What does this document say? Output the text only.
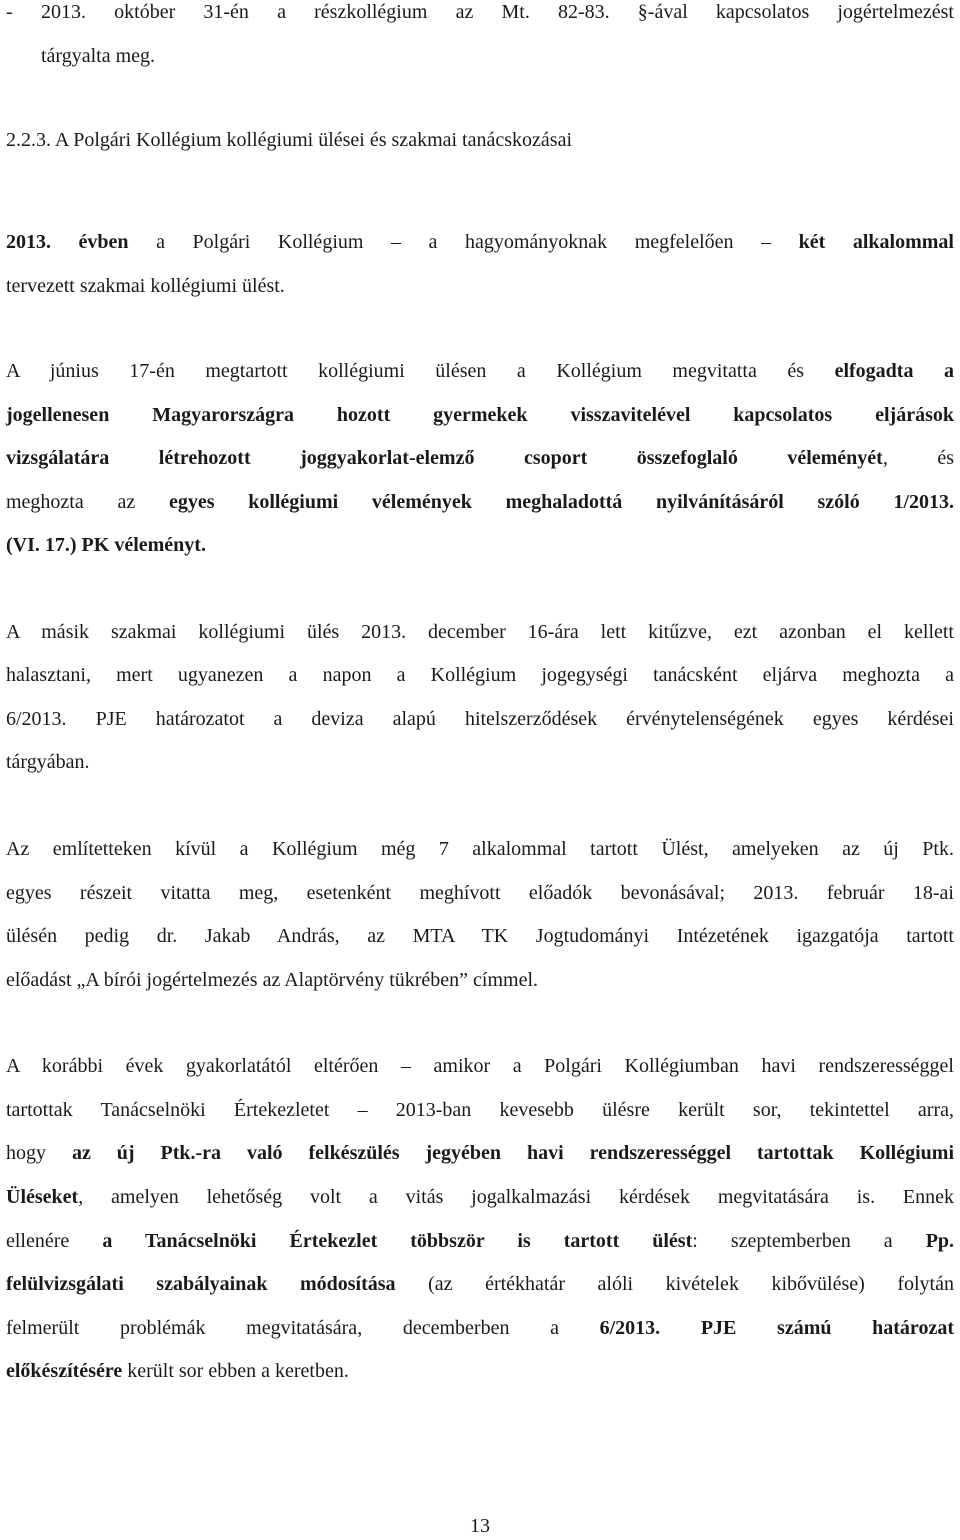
- 2013. október 31-én a részkollégium az Mt. 82-83. §-ával kapcsolatos jogértelmezést
tárgyalta meg.
2.2.3. A Polgári Kollégium kollégiumi ülései és szakmai tanácskozásai
2013. évben a Polgári Kollégium – a hagyományoknak megfelelően – két alkalommal
tervezett szakmai kollégiumi ülést.
A június 17-én megtartott kollégiumi ülésen a Kollégium megvitatta és elfogadta a
jogellenesen Magyarországra hozott gyermekek visszavitelével kapcsolatos eljárások
vizsgálatára létrehozott joggyakorlat-elemző csoport összefoglaló véleményét, és
meghozta az egyes kollégiumi vélemények meghaladottá nyilvánításáról szóló 1/2013.
(VI. 17.) PK véleményt.
A másik szakmai kollégiumi ülés 2013. december 16-ára lett kitűzve, ezt azonban el kellett
halasztani, mert ugyanezen a napon a Kollégium jogegységi tanácsként eljárva meghozta a
6/2013. PJE határozatot a deviza alapú hitelszerződések érvénytelenségének egyes kérdései
tárgyában.
Az említetteken kívül a Kollégium még 7 alkalommal tartott Ülést, amelyeken az új Ptk.
egyes részeit vitatta meg, esetenként meghívott előadók bevonásával; 2013. február 18-ai
ülésén pedig dr. Jakab András, az MTA TK Jogtudományi Intézetének igazgatója tartott
előadást „A bírói jogértelmezés az Alaptörvény tükrében” címmel.
A korábbi évek gyakorlatától eltérően – amikor a Polgári Kollégiumban havi rendszerességgel
tartottak Tanácselnöki Értekezletet – 2013-ban kevesebb ülésre került sor, tekintettel arra,
hogy az új Ptk.-ra való felkészülés jegyében havi rendszerességgel tartottak Kollégiumi
Üléseket, amelyen lehetőség volt a vitás jogalkalmazási kérdések megvitatására is. Ennek
ellenére a Tanácselnöki Értekezlet többször is tartott ülést: szeptemberben a Pp.
felülvizsgálati szabályainak módosítása (az értékhatár alóli kivételek kibővülése) folytán
felmerült problémák megvitatására, decemberben a 6/2013. PJE számú határozat
előkészítésére került sor ebben a keretben.
13
